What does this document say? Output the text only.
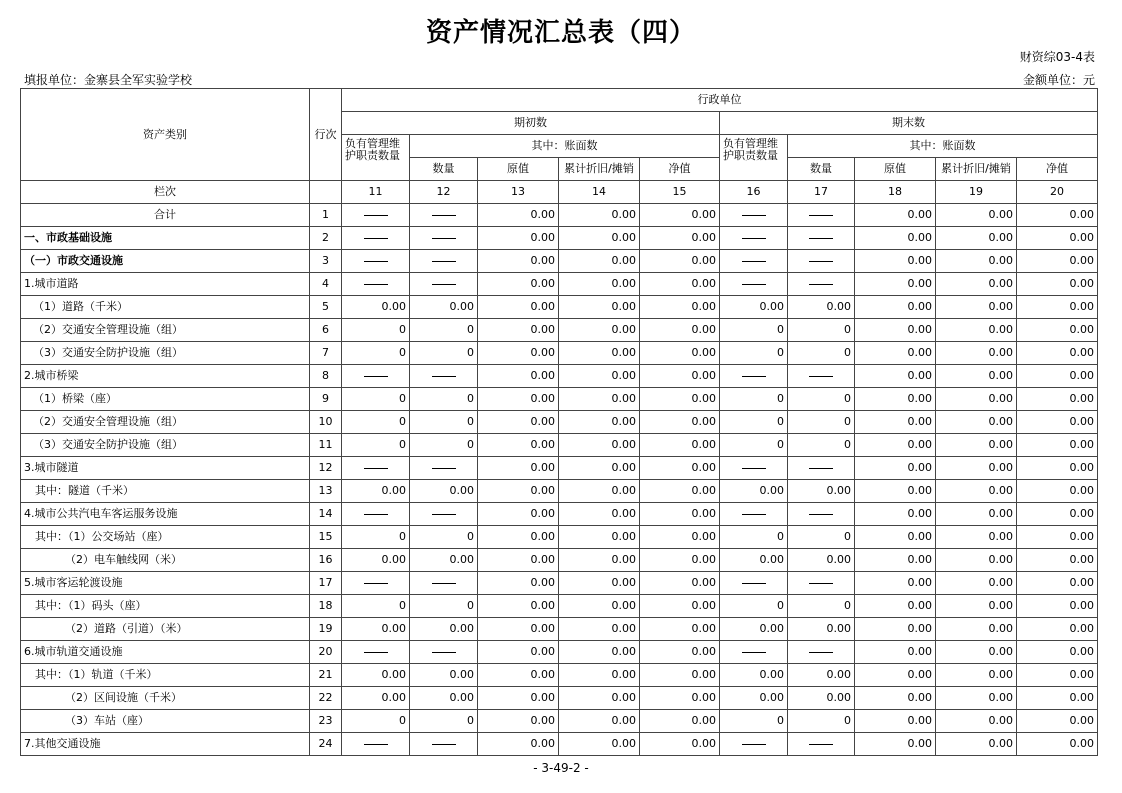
资产情况汇总表（四）
财资综03-4表
填报单位：金寨县全军实验学校	金额单位：元
资产类别	行次	行政单位									
		期初数					期末数				
		负有管理维护职责数量	其中：账面数				负有管理维护职责数量	其中：账面数			
			数量	原值	累计折旧/摊销	净值		数量	原值	累计折旧/摊销	净值
栏次		11	12	13	14	15	16	17	18	19	20
合计	1			0.00	0.00	0.00			0.00	0.00	0.00
一、市政基础设施	2			0.00	0.00	0.00			0.00	0.00	0.00
（一）市政交通设施	3			0.00	0.00	0.00			0.00	0.00	0.00
1.城市道路	4			0.00	0.00	0.00			0.00	0.00	0.00
（1）道路（千米）	5	0.00	0.00	0.00	0.00	0.00	0.00	0.00	0.00	0.00	0.00
（2）交通安全管理设施（组）	6	0	0	0.00	0.00	0.00	0	0	0.00	0.00	0.00
（3）交通安全防护设施（组）	7	0	0	0.00	0.00	0.00	0	0	0.00	0.00	0.00
2.城市桥梁	8			0.00	0.00	0.00			0.00	0.00	0.00
（1）桥梁（座）	9	0	0	0.00	0.00	0.00	0	0	0.00	0.00	0.00
（2）交通安全管理设施（组）	10	0	0	0.00	0.00	0.00	0	0	0.00	0.00	0.00
（3）交通安全防护设施（组）	11	0	0	0.00	0.00	0.00	0	0	0.00	0.00	0.00
3.城市隧道	12			0.00	0.00	0.00			0.00	0.00	0.00
其中：隧道（千米）	13	0.00	0.00	0.00	0.00	0.00	0.00	0.00	0.00	0.00	0.00
4.城市公共汽电车客运服务设施	14			0.00	0.00	0.00			0.00	0.00	0.00
其中：（1）公交场站（座）	15	0	0	0.00	0.00	0.00	0	0	0.00	0.00	0.00
（2）电车触线网（米）	16	0.00	0.00	0.00	0.00	0.00	0.00	0.00	0.00	0.00	0.00
5.城市客运轮渡设施	17			0.00	0.00	0.00			0.00	0.00	0.00
其中：（1）码头（座）	18	0	0	0.00	0.00	0.00	0	0	0.00	0.00	0.00
（2）道路（引道）（米）	19	0.00	0.00	0.00	0.00	0.00	0.00	0.00	0.00	0.00	0.00
6.城市轨道交通设施	20			0.00	0.00	0.00			0.00	0.00	0.00
其中：（1）轨道（千米）	21	0.00	0.00	0.00	0.00	0.00	0.00	0.00	0.00	0.00	0.00
（2）区间设施（千米）	22	0.00	0.00	0.00	0.00	0.00	0.00	0.00	0.00	0.00	0.00
（3）车站（座）	23	0	0	0.00	0.00	0.00	0	0	0.00	0.00	0.00
7.其他交通设施	24			0.00	0.00	0.00			0.00	0.00	0.00
- 3-49-2 -
